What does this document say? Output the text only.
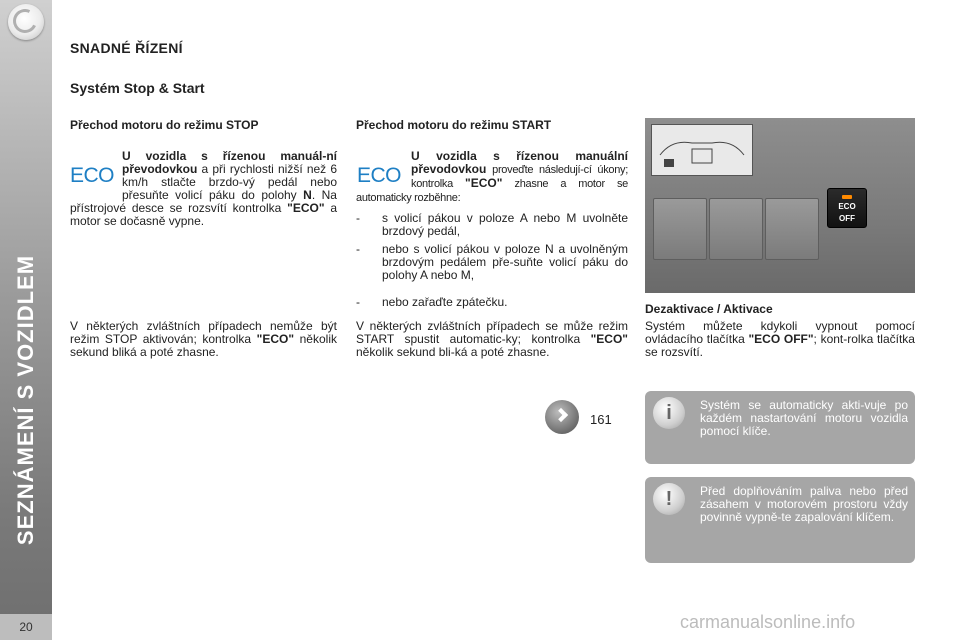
SEZNÁMENÍ S VOZIDLEM
20
SNADNÉ ŘÍZENÍ
Systém Stop & Start
Přechod motoru do režimu STOP
ECO
U vozidla s řízenou manuál-ní převodovkou a při rychlosti nižší než 6 km/h stlačte brzdo-vý pedál nebo přesuňte volicí páku do polohy N. Na přístrojové desce se rozsvítí kontrolka "ECO" a motor se dočasně vypne.
V některých zvláštních případech nemůže být režim STOP aktivován; kontrolka "ECO" několik sekund bliká a poté zhasne.
Přechod motoru do režimu START
ECO
U vozidla s řízenou manuální převodovkou proveďte následují-cí úkony; kontrolka "ECO" zhasne a motor se automaticky rozběhne:
- s volicí pákou v poloze A nebo M uvolněte brzdový pedál,
- nebo s volicí pákou v poloze N a uvolněným brzdovým pedálem pře-suňte volicí páku do polohy A nebo M,
- nebo zařaďte zpátečku.
V některých zvláštních případech se může režim START spustit automatic-ky; kontrolka "ECO" několik sekund bli-ká a poté zhasne.
161
ECO
OFF
Dezaktivace / Aktivace
Systém můžete kdykoli vypnout pomocí ovládacího tlačítka "ECO OFF"; kont-rolka tlačítka se rozsvítí.
i	Systém se automaticky akti-vuje po každém nastartování motoru vozidla pomocí klíče.
!	Před doplňováním paliva nebo před zásahem v motorovém prostoru vždy povinně vypně-te zapalování klíčem.
carmanualsonline.info
